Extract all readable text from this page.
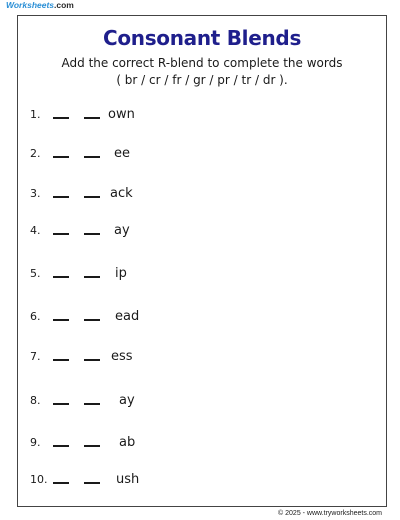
Worksheets.com
Consonant Blends
Add the correct R-blend to complete the words
( br / cr / fr / gr / pr / tr / dr ).
1.	own
2.	ee
3.	ack
4.	ay
5.	ip
6.	ead
7.	ess
8.	ay
9.	ab
10.	ush
© 2025 - www.tryworksheets.com
